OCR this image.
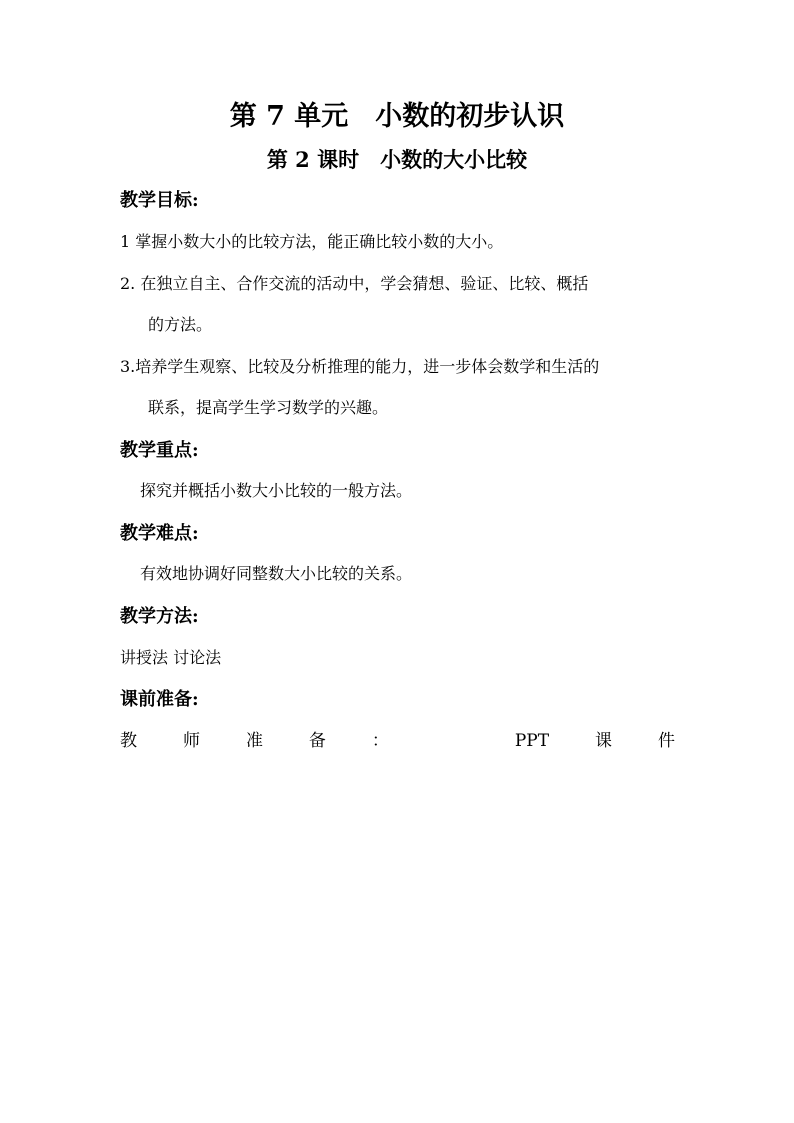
第 7 单元　小数的初步认识
第 2 课时　小数的大小比较
教学目标:
1 掌握小数大小的比较方法，能正确比较小数的大小。
2. 在独立自主、合作交流的活动中，学会猜想、验证、比较、概括
的方法。
3.培养学生观察、比较及分析推理的能力，进一步体会数学和生活的
联系，提高学生学习数学的兴趣。
教学重点:
探究并概括小数大小比较的一般方法。
教学难点:
有效地协调好同整数大小比较的关系。
教学方法:
讲授法 讨论法
课前准备:
教	师	准	备	：	PPT	课	件
